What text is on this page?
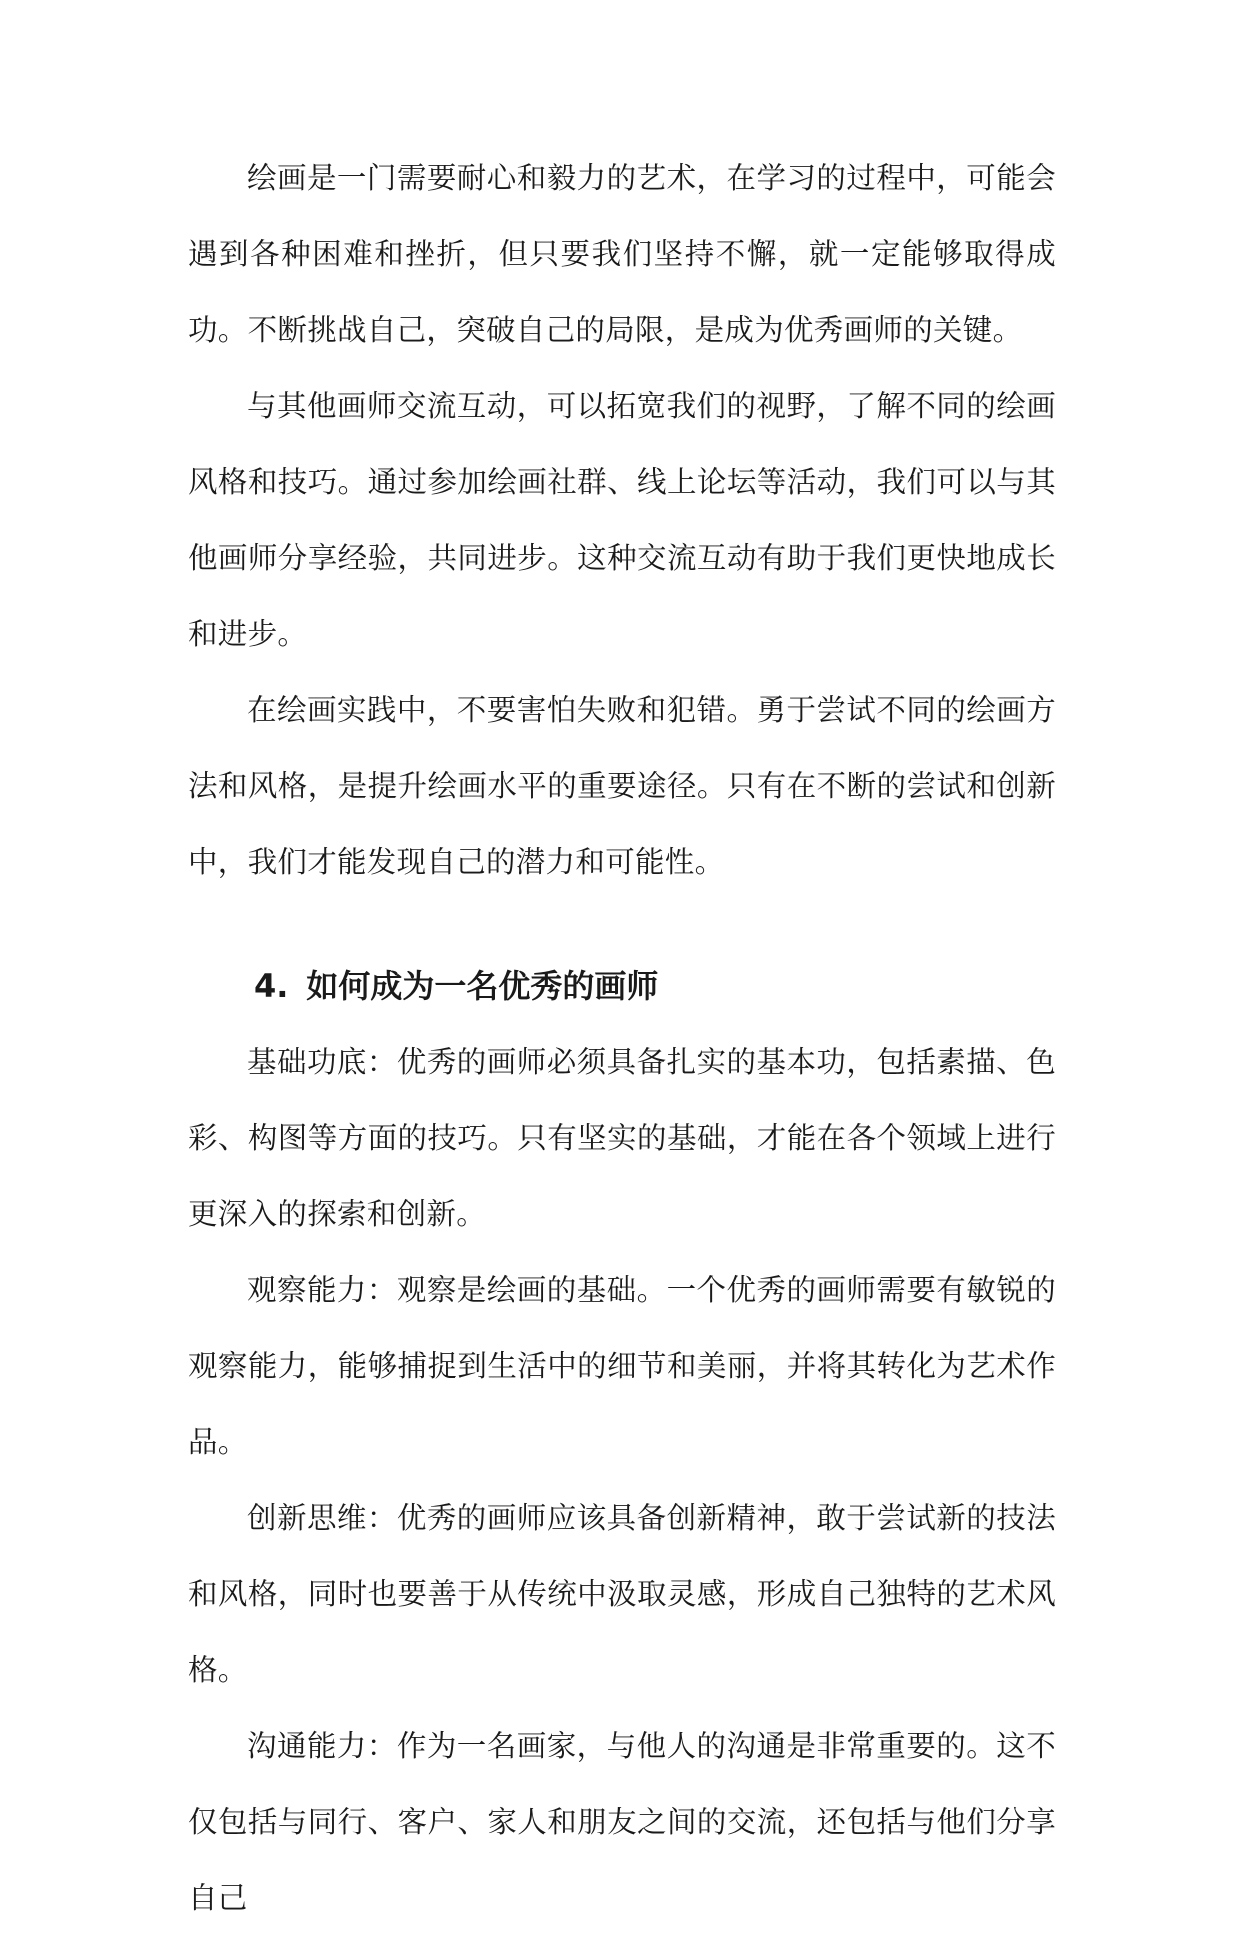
绘画是一门需要耐心和毅力的艺术，在学习的过程中，可能会遇到各种困难和挫折，但只要我们坚持不懈，就一定能够取得成功。不断挑战自己，突破自己的局限，是成为优秀画师的关键。

与其他画师交流互动，可以拓宽我们的视野，了解不同的绘画风格和技巧。通过参加绘画社群、线上论坛等活动，我们可以与其他画师分享经验，共同进步。这种交流互动有助于我们更快地成长和进步。

在绘画实践中，不要害怕失败和犯错。勇于尝试不同的绘画方法和风格，是提升绘画水平的重要途径。只有在不断的尝试和创新中，我们才能发现自己的潜力和可能性。

4. 如何成为一名优秀的画师

基础功底：优秀的画师必须具备扎实的基本功，包括素描、色彩、构图等方面的技巧。只有坚实的基础，才能在各个领域上进行更深入的探索和创新。

观察能力：观察是绘画的基础。一个优秀的画师需要有敏锐的观察能力，能够捕捉到生活中的细节和美丽，并将其转化为艺术作品。

创新思维：优秀的画师应该具备创新精神，敢于尝试新的技法和风格，同时也要善于从传统中汲取灵感，形成自己独特的艺术风格。

沟通能力：作为一名画家，与他人的沟通是非常重要的。这不仅包括与同行、客户、家人和朋友之间的交流，还包括与他们分享自己
